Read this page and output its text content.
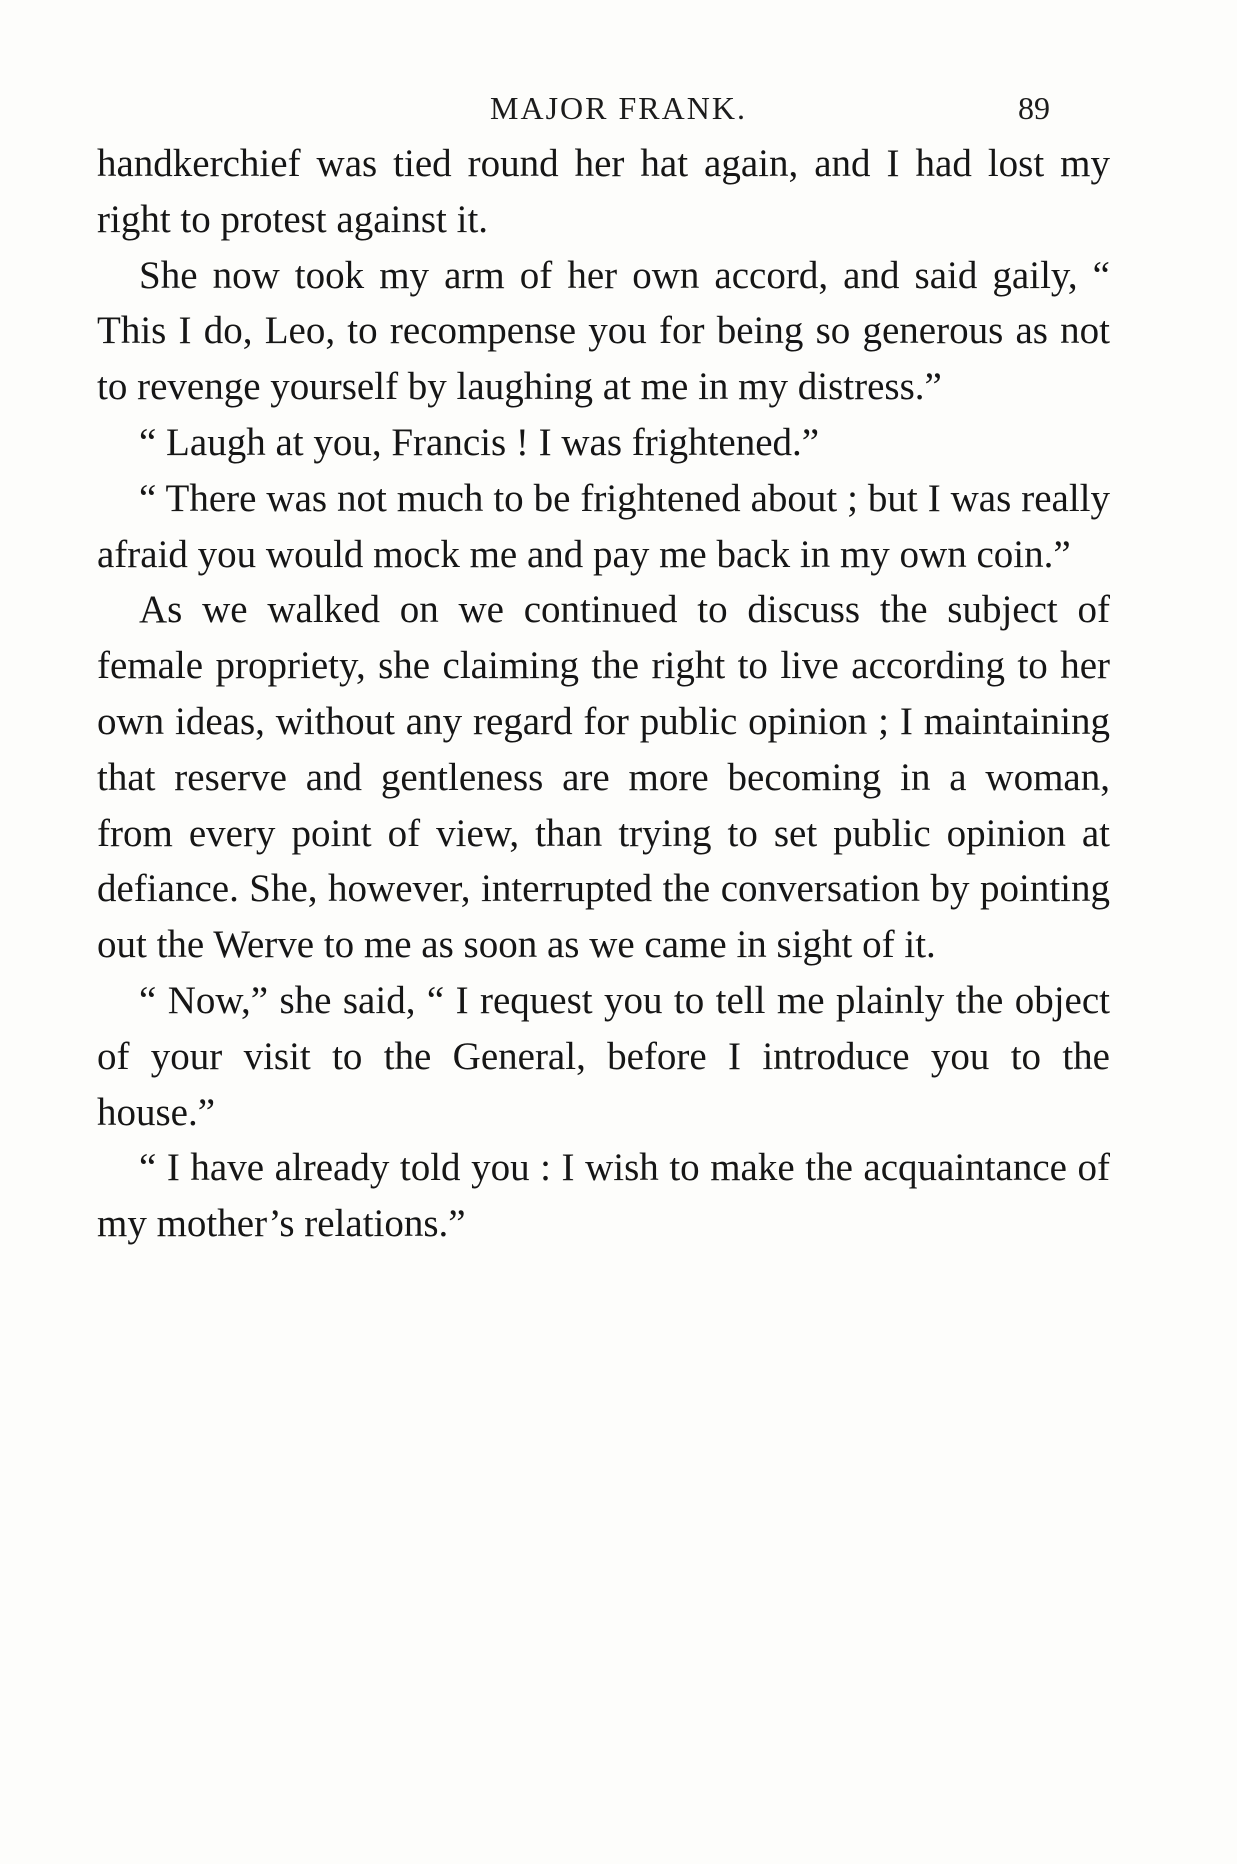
MAJOR FRANK.	89

handkerchief was tied round her hat again, and I had lost my right to protest against it.

She now took my arm of her own accord, and said gaily, “ This I do, Leo, to recompense you for being so generous as not to revenge yourself by laughing at me in my distress.”

“ Laugh at you, Francis ! I was frightened.”

“ There was not much to be frightened about ; but I was really afraid you would mock me and pay me back in my own coin.”

As we walked on we continued to discuss the subject of female propriety, she claiming the right to live according to her own ideas, without any regard for public opinion ; I maintaining that reserve and gentleness are more becoming in a woman, from every point of view, than trying to set public opinion at defiance. She, however, interrupted the conversation by pointing out the Werve to me as soon as we came in sight of it.

“ Now,” she said, “ I request you to tell me plainly the object of your visit to the General, before I introduce you to the house.”

“ I have already told you : I wish to make the acquaintance of my mother’s relations.”
